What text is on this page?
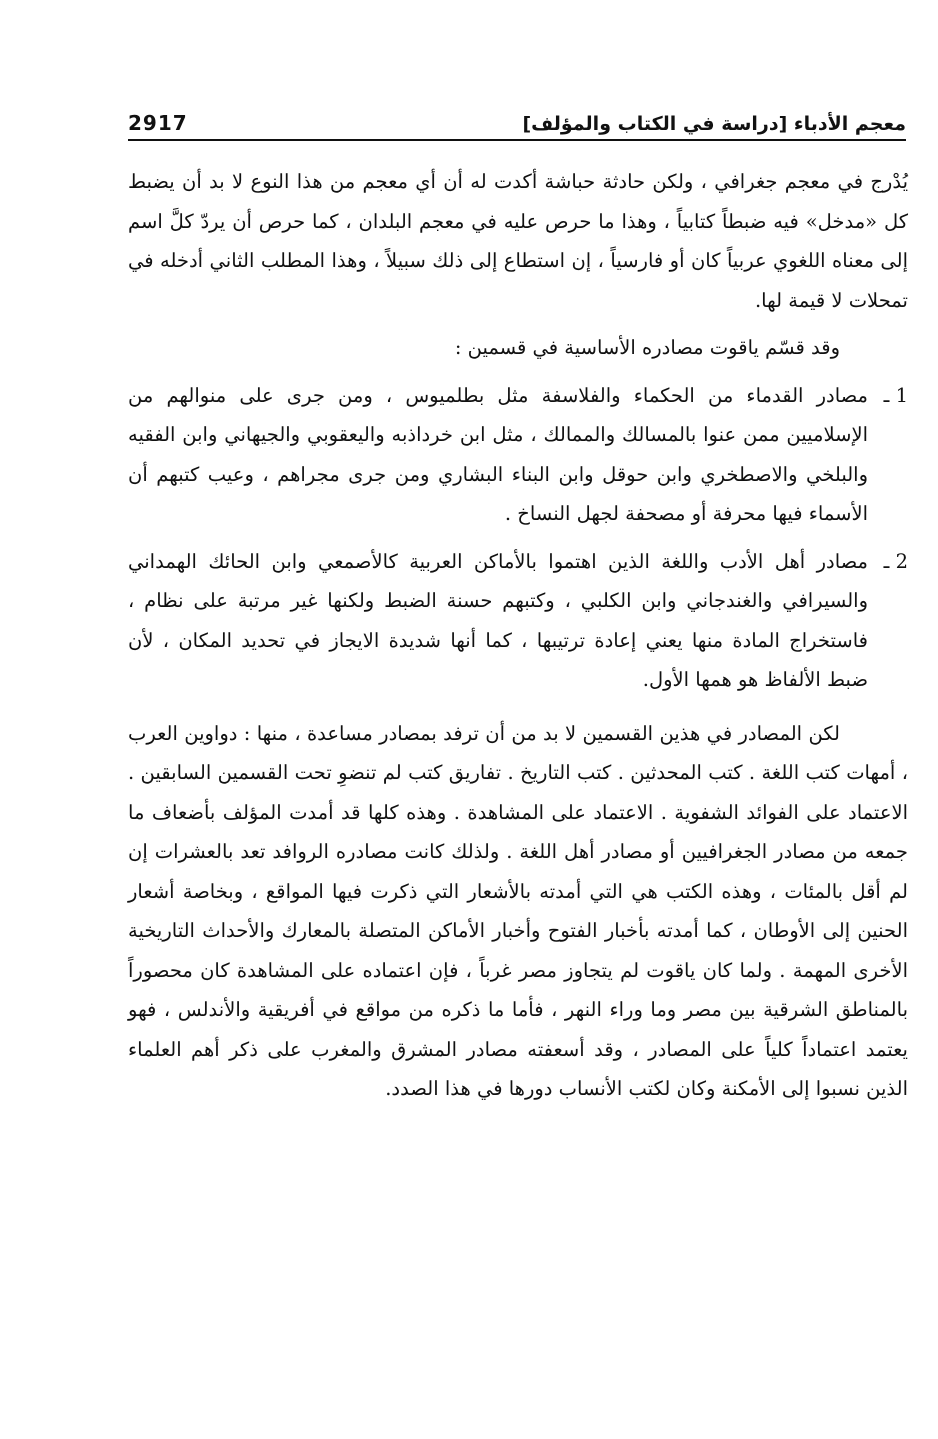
2917	معجم الأدباء [دراسة في الكتاب والمؤلف]

يُدْرج في معجم جغرافي ، ولكن حادثة حباشة أكدت له أن أي معجم من هذا النوع لا بد أن يضبط كل «مدخل» فيه ضبطاً كتابياً ، وهذا ما حرص عليه في معجم البلدان ، كما حرص أن يردّ كلَّ اسم إلى معناه اللغوي عربياً كان أو فارسياً ، إن استطاع إلى ذلك سبيلاً ، وهذا المطلب الثاني أدخله في تمحلات لا قيمة لها.

وقد قسّم ياقوت مصادره الأساسية في قسمين :

1 ـ
مصادر القدماء من الحكماء والفلاسفة مثل بطلميوس ، ومن جرى على منوالهم من الإسلاميين ممن عنوا بالمسالك والممالك ، مثل ابن خرداذبه واليعقوبي والجيهاني وابن الفقيه والبلخي والاصطخري وابن حوقل وابن البناء البشاري ومن جرى مجراهم ، وعيب كتبهم أن الأسماء فيها محرفة أو مصحفة لجهل النساخ .
2 ـ
مصادر أهل الأدب واللغة الذين اهتموا بالأماكن العربية كالأصمعي وابن الحائك الهمداني والسيرافي والغندجاني وابن الكلبي ، وكتبهم حسنة الضبط ولكنها غير مرتبة على نظام ، فاستخراج المادة منها يعني إعادة ترتيبها ، كما أنها شديدة الايجاز في تحديد المكان ، لأن ضبط الألفاظ هو همها الأول.

لكن المصادر في هذين القسمين لا بد من أن ترفد بمصادر مساعدة ، منها : دواوين العرب ، أمهات كتب اللغة . كتب المحدثين . كتب التاريخ . تفاريق كتب لم تنضوِ تحت القسمين السابقين . الاعتماد على الفوائد الشفوية . الاعتماد على المشاهدة . وهذه كلها قد أمدت المؤلف بأضعاف ما جمعه من مصادر الجغرافيين أو مصادر أهل اللغة . ولذلك كانت مصادره الروافد تعد بالعشرات إن لم أقل بالمئات ، وهذه الكتب هي التي أمدته بالأشعار التي ذكرت فيها المواقع ، وبخاصة أشعار الحنين إلى الأوطان ، كما أمدته بأخبار الفتوح وأخبار الأماكن المتصلة بالمعارك والأحداث التاريخية الأخرى المهمة . ولما كان ياقوت لم يتجاوز مصر غرباً ، فإن اعتماده على المشاهدة كان محصوراً بالمناطق الشرقية بين مصر وما وراء النهر ، فأما ما ذكره من مواقع في أفريقية والأندلس ، فهو يعتمد اعتماداً كلياً على المصادر ، وقد أسعفته مصادر المشرق والمغرب على ذكر أهم العلماء الذين نسبوا إلى الأمكنة وكان لكتب الأنساب دورها في هذا الصدد.
